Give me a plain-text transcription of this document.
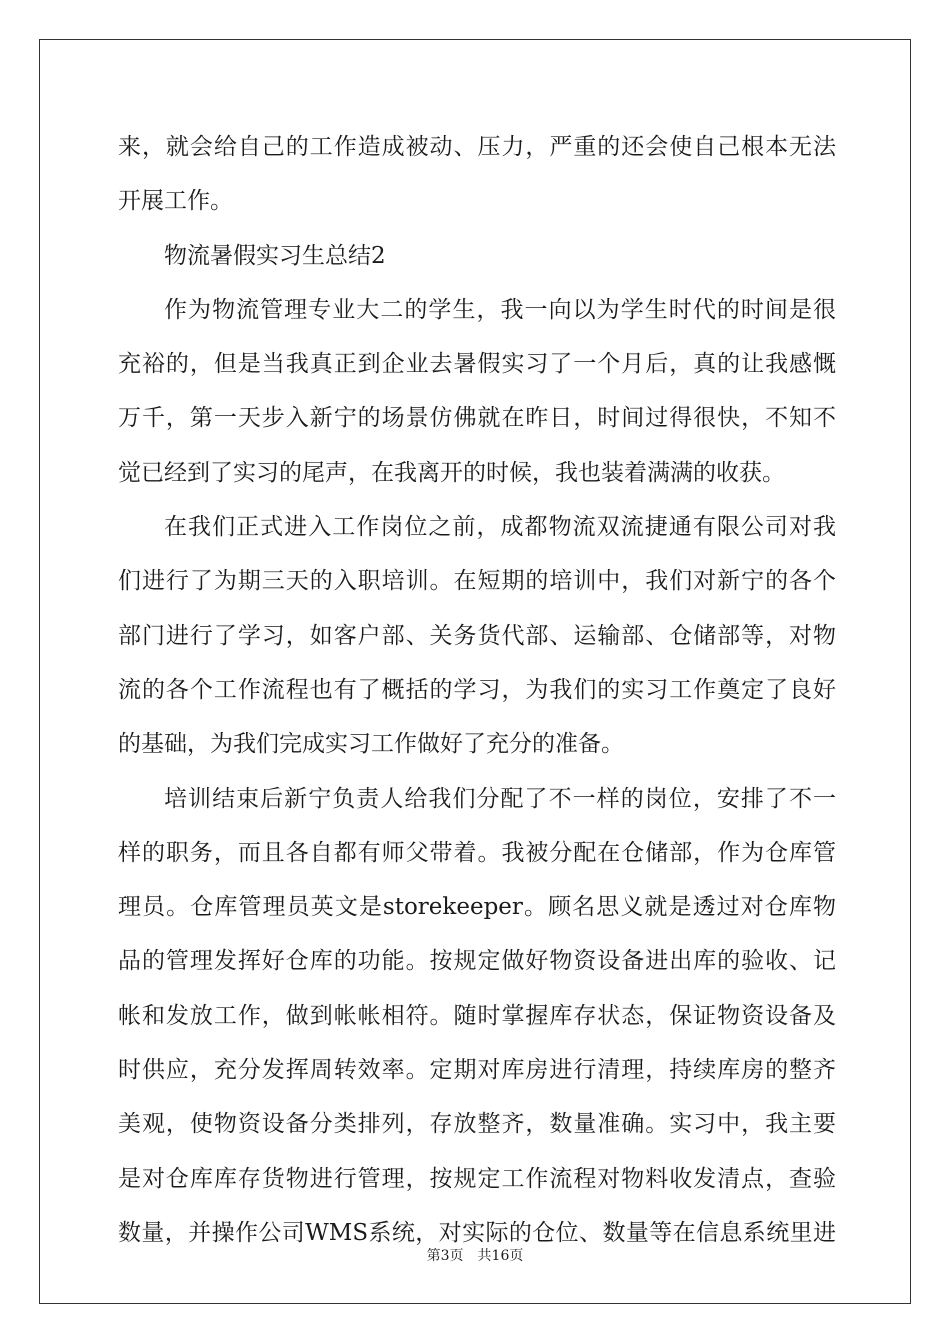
来，就会给自己的工作造成被动、压力，严重的还会使自己根本无法
开展工作。
物流暑假实习生总结2
作为物流管理专业大二的学生，我一向以为学生时代的时间是很
充裕的，但是当我真正到企业去暑假实习了一个月后，真的让我感慨
万千，第一天步入新宁的场景仿佛就在昨日，时间过得很快，不知不
觉已经到了实习的尾声，在我离开的时候，我也装着满满的收获。
在我们正式进入工作岗位之前，成都物流双流捷通有限公司对我
们进行了为期三天的入职培训。在短期的培训中，我们对新宁的各个
部门进行了学习，如客户部、关务货代部、运输部、仓储部等，对物
流的各个工作流程也有了概括的学习，为我们的实习工作奠定了良好
的基础，为我们完成实习工作做好了充分的准备。
培训结束后新宁负责人给我们分配了不一样的岗位，安排了不一
样的职务，而且各自都有师父带着。我被分配在仓储部，作为仓库管
理员。仓库管理员英文是storekeeper。顾名思义就是透过对仓库物
品的管理发挥好仓库的功能。按规定做好物资设备进出库的验收、记
帐和发放工作，做到帐帐相符。随时掌握库存状态，保证物资设备及
时供应，充分发挥周转效率。定期对库房进行清理，持续库房的整齐
美观，使物资设备分类排列，存放整齐，数量准确。实习中，我主要
是对仓库库存货物进行管理，按规定工作流程对物料收发清点，查验
数量，并操作公司WMS系统，对实际的仓位、数量等在信息系统里进
第3页 共16页
